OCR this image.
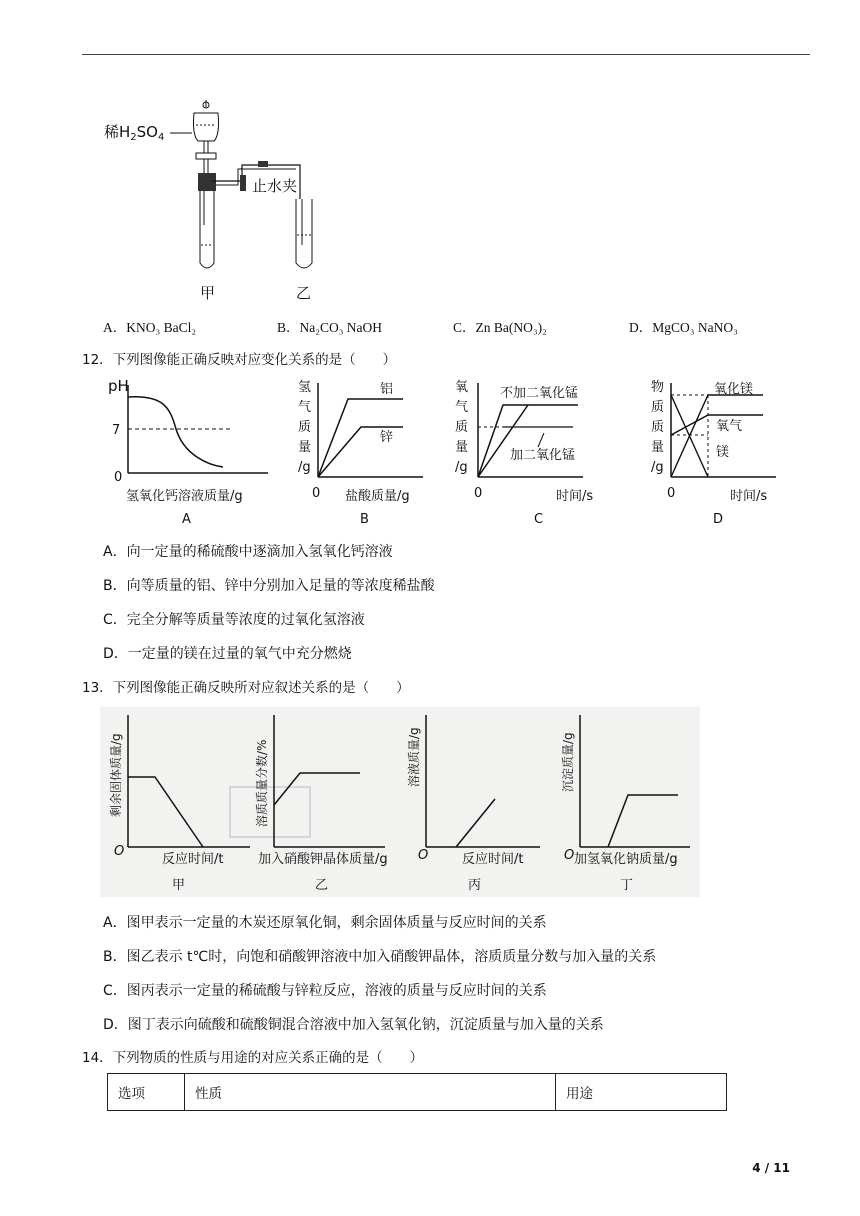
稀$H_2SO_4$
止水夹
甲	乙
A．KNO₃ BaCl₂	B．Na₂CO₃ NaOH	C．Zn Ba(NO₃)₂	D．MgCO₃ NaNO₃
12．下列图像能正确反映对应变化关系的是（　　）
pH
7
0
氢氧化钙溶液质量/g
A
氢
气
质
量
/g
铝
锌
0 盐酸质量/g
B
氧
气
质
量
/g
不加二氧化锰
加二氧化锰
0	时间/s
C
物
质
质
量
/g
氧化镁
氧气
镁
0	时间/s
D
A．向一定量的稀硫酸中逐滴加入氢氧化钙溶液
B．向等质量的铝、锌中分别加入足量的等浓度稀盐酸
C．完全分解等质量等浓度的过氧化氢溶液
D．一定量的镁在过量的氧气中充分燃烧
13．下列图像能正确反映所对应叙述关系的是（　　）
剩余固体质量/g
O
反应时间/t
甲
溶质质量分数/%
加入硝酸钾晶体质量/g
乙
溶液质量/g
O	反应时间/t
丙
沉淀质量/g
O 加氢氧化钠质量/g
丁
A．图甲表示一定量的木炭还原氧化铜，剩余固体质量与反应时间的关系
B．图乙表示 t℃时，向饱和硝酸钾溶液中加入硝酸钾晶体，溶质质量分数与加入量的关系
C．图丙表示一定量的稀硫酸与锌粒反应，溶液的质量与反应时间的关系
D．图丁表示向硫酸和硫酸铜混合溶液中加入氢氧化钠，沉淀质量与加入量的关系
14．下列物质的性质与用途的对应关系正确的是（　　）
选项	性质	用途
4 / 11
